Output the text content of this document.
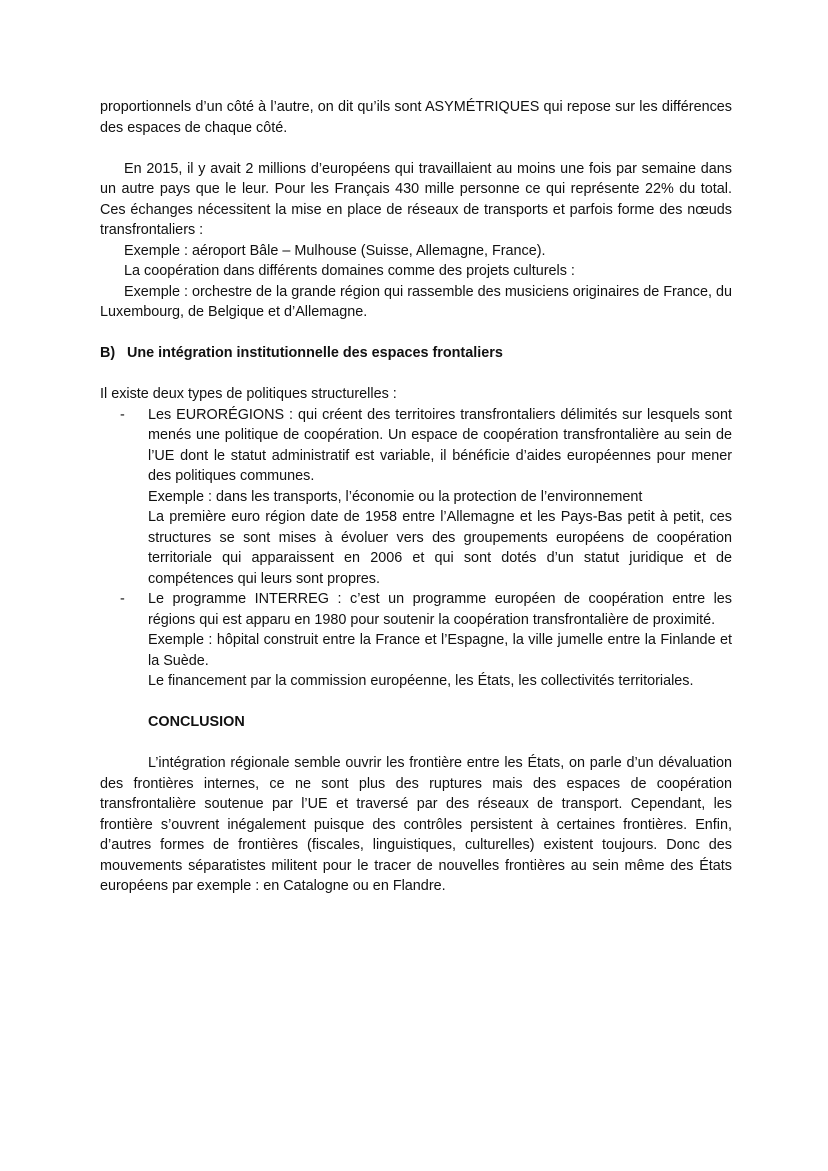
proportionnels d’un côté à l’autre, on dit qu’ils sont ASYMÉTRIQUES qui repose sur les différences des espaces de chaque côté.

En 2015, il y avait 2 millions d’européens qui travaillaient au moins une fois par semaine dans un autre pays que le leur. Pour les Français 430 mille personne ce qui représente 22% du total. Ces échanges nécessitent la mise en place de réseaux de transports et parfois forme des nœuds transfrontaliers :

Exemple : aéroport Bâle – Mulhouse (Suisse, Allemagne, France).

La coopération dans différents domaines comme des projets culturels :

Exemple : orchestre de la grande région qui rassemble des musiciens originaires de France, du Luxembourg, de Belgique et d’Allemagne.

B) Une intégration institutionnelle des espaces frontaliers

Il existe deux types de politiques structurelles :

- Les EURORÉGIONS : qui créent des territoires transfrontaliers délimités sur lesquels sont menés une politique de coopération. Un espace de coopération transfrontalière au sein de l’UE dont le statut administratif est variable, il bénéficie d’aides européennes pour mener des politiques communes.

Exemple : dans les transports, l’économie ou la protection de l’environnement

La première euro région date de 1958 entre l’Allemagne et les Pays-Bas petit à petit, ces structures se sont mises à évoluer vers des groupements européens de coopération territoriale qui apparaissent en 2006 et qui sont dotés d’un statut juridique et de compétences qui leurs sont propres.

- Le programme INTERREG : c’est un programme européen de coopération entre les régions qui est apparu en 1980 pour soutenir la coopération transfrontalière de proximité.

Exemple : hôpital construit entre la France et l’Espagne, la ville jumelle entre la Finlande et la Suède.

Le financement par la commission européenne, les États, les collectivités territoriales.

CONCLUSION

L’intégration régionale semble ouvrir les frontière entre les États, on parle d’un dévaluation des frontières internes, ce ne sont plus des ruptures mais des espaces de coopération transfrontalière soutenue par l’UE et traversé par des réseaux de transport. Cependant, les frontière s’ouvrent inégalement puisque des contrôles persistent à certaines frontières. Enfin, d’autres formes de frontières (fiscales, linguistiques, culturelles) existent toujours. Donc des mouvements séparatistes militent pour le tracer de nouvelles frontières au sein même des États européens par exemple : en Catalogne ou en Flandre.
